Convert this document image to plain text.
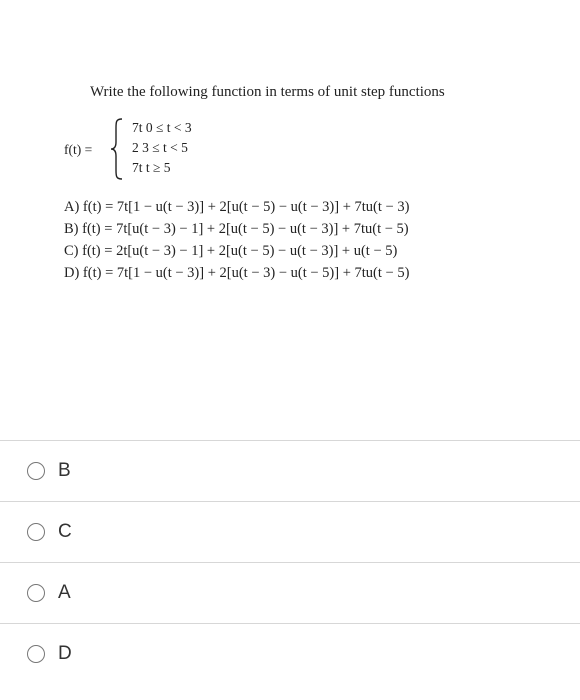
Write the following function in terms of unit step functions
f(t) =
7t 0 ≤ t < 3
2 3 ≤ t < 5
7t t ≥ 5
A) f(t) = 7t[1 − u(t − 3)] + 2[u(t − 5) − u(t − 3)] + 7tu(t − 3)
B) f(t) = 7t[u(t − 3) − 1] + 2[u(t − 5) − u(t − 3)] + 7tu(t − 5)
C) f(t) = 2t[u(t − 3) − 1] + 2[u(t − 5) − u(t − 3)] + u(t − 5)
D) f(t) = 7t[1 − u(t − 3)] + 2[u(t − 3) − u(t − 5)] + 7tu(t − 5)
B
C
A
D
